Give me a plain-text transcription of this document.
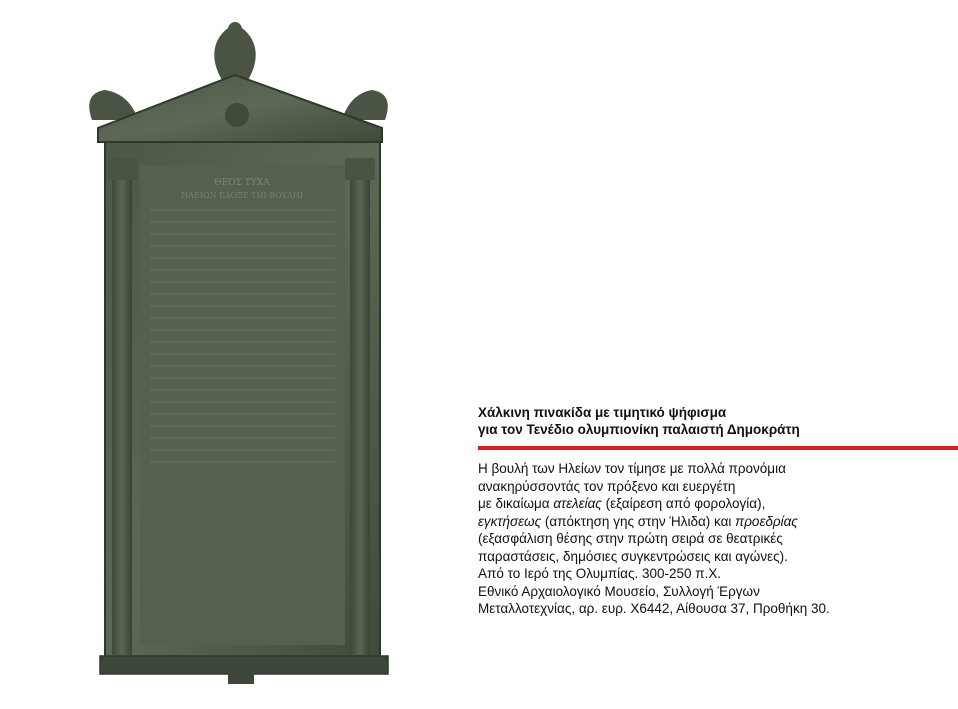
ΘΕΟΣ ΤΥΧΑ
ΗΛΕΙΩΝ ΕΔΟΞΕ ΤΗΙ ΒΟΥΛΗΙ
Χάλκινη πινακίδα με τιμητικό ψήφισμα
για τον Τενέδιο ολυμπιονίκη παλαιστή Δημοκράτη
Η βουλή των Ηλείων τον τίμησε με πολλά προνόμια
ανακηρύσσοντάς τον πρόξενο και ευεργέτη
με δικαίωμα ατελείας (εξαίρεση από φορολογία),
εγκτήσεως (απόκτηση γης στην Ήλιδα) και προεδρίας
(εξασφάλιση θέσης στην πρώτη σειρά σε θεατρικές
παραστάσεις, δημόσιες συγκεντρώσεις και αγώνες).
Από το Ιερό της Ολυμπίας. 300-250 π.Χ.
Εθνικό Αρχαιολογικό Μουσείο, Συλλογή Έργων
Μεταλλοτεχνίας, αρ. ευρ. Χ6442, Αίθουσα 37, Προθήκη 30.
